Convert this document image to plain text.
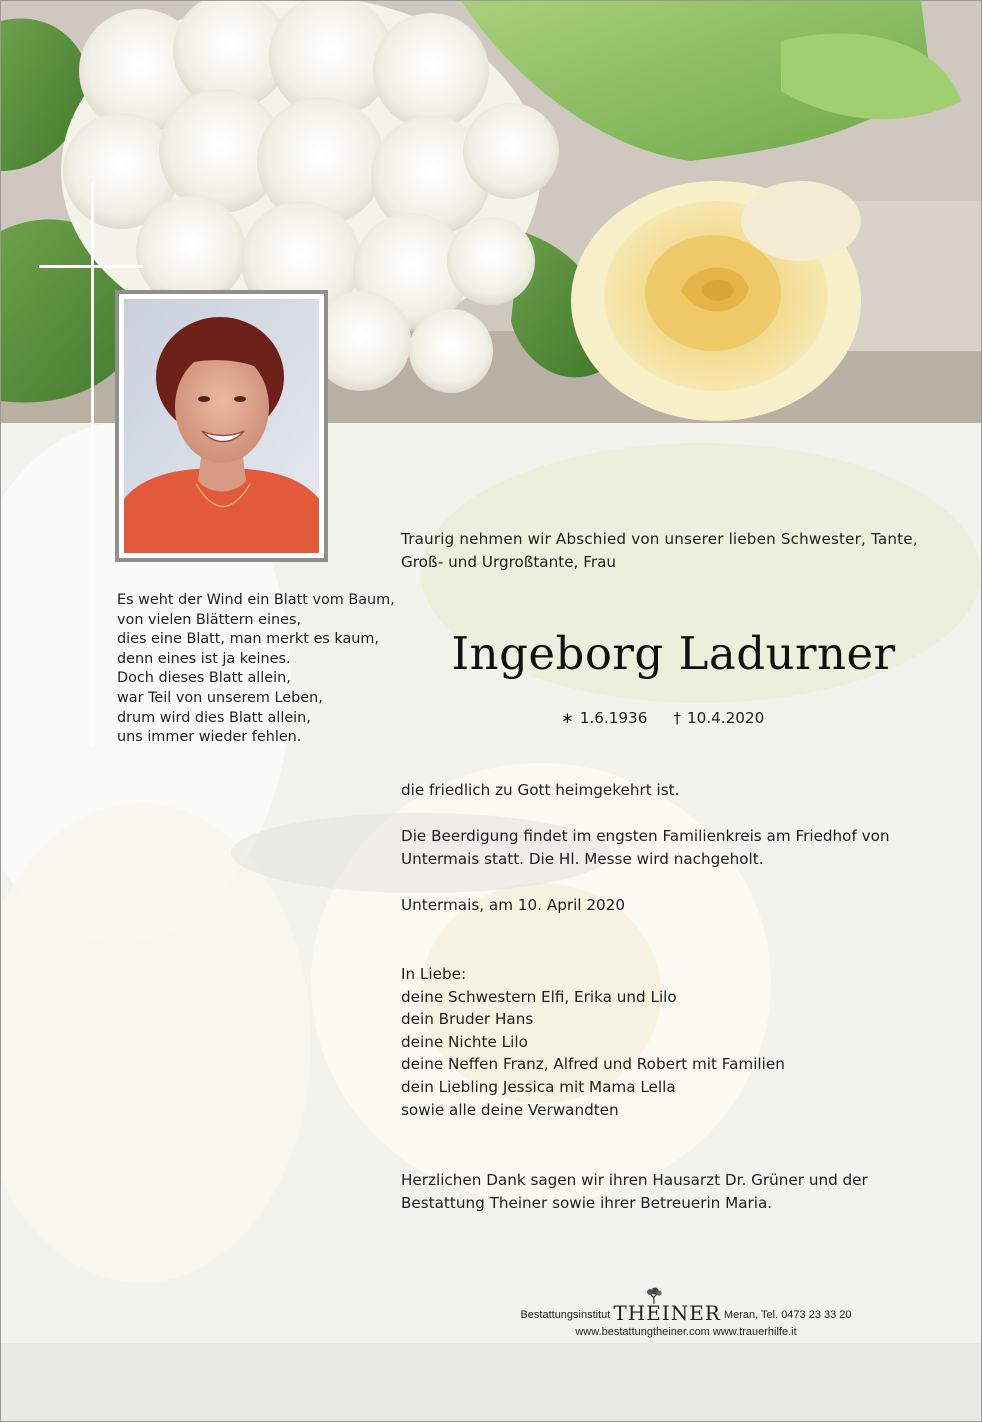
Es weht der Wind ein Blatt vom Baum,
von vielen Blättern eines,
dies eine Blatt, man merkt es kaum,
denn eines ist ja keines.
Doch dieses Blatt allein,
war Teil von unserem Leben,
drum wird dies Blatt allein,
uns immer wieder fehlen.
Traurig nehmen wir Abschied von unserer lieben Schwester, Tante,
Groß- und Urgroßtante, Frau
Ingeborg Ladurner
∗ 1.6.1936 † 10.4.2020
die friedlich zu Gott heimgekehrt ist.
Die Beerdigung findet im engsten Familienkreis am Friedhof von
Untermais statt. Die Hl. Messe wird nachgeholt.
Untermais, am 10. April 2020
In Liebe:
deine Schwestern Elfi, Erika und Lilo
dein Bruder Hans
deine Nichte Lilo
deine Neffen Franz, Alfred und Robert mit Familien
dein Liebling Jessica mit Mama Lella
sowie alle deine Verwandten
Herzlichen Dank sagen wir ihren Hausarzt Dr. Grüner und der
Bestattung Theiner sowie ihrer Betreuerin Maria.
Bestattungsinstitut THEINER Meran, Tel. 0473 23 33 20
www.bestattungtheiner.com www.trauerhilfe.it
